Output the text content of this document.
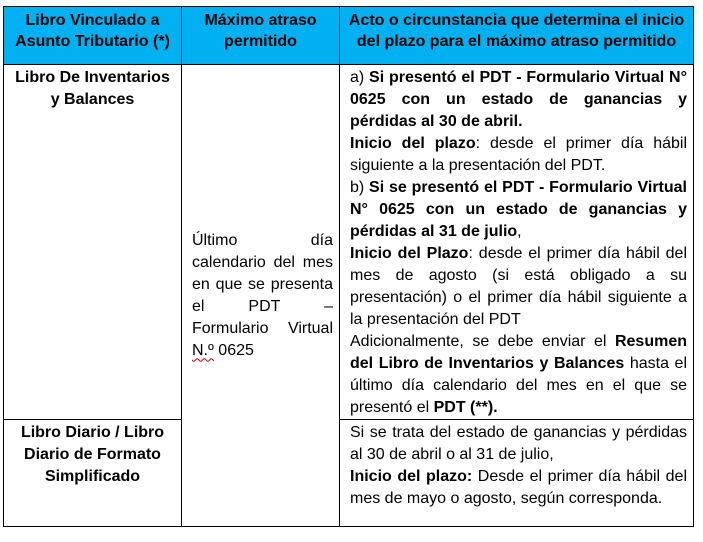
Libro Vinculado a Asunto Tributario (*)	Máximo atraso permitido	Acto o circunstancia que determina el inicio del plazo para el máximo atraso permitido
Libro De Inventarios y Balances	Último día calendario del mes en que se presenta el PDT – Formulario Virtual N.º 0625	a) Si presentó el PDT - Formulario Virtual N° 0625 con un estado de ganancias y pérdidas al 30 de abril.

Inicio del plazo: desde el primer día hábil siguiente a la presentación del PDT.

b) Si se presentó el PDT - Formulario Virtual N° 0625 con un estado de ganancias y pérdidas al 31 de julio,

Inicio del Plazo: desde el primer día hábil del mes de agosto (si está obligado a su presentación) o el primer día hábil siguiente a la presentación del PDT

Adicionalmente, se debe enviar el Resumen del Libro de Inventarios y Balances hasta el último día calendario del mes en el que se presentó el PDT (**).

Libro Diario / Libro Diario de Formato Simplificado		Si se trata del estado de ganancias y pérdidas al 30 de abril o al 31 de julio,

Inicio del plazo: Desde el primer día hábil del mes de mayo o agosto, según corresponda.
